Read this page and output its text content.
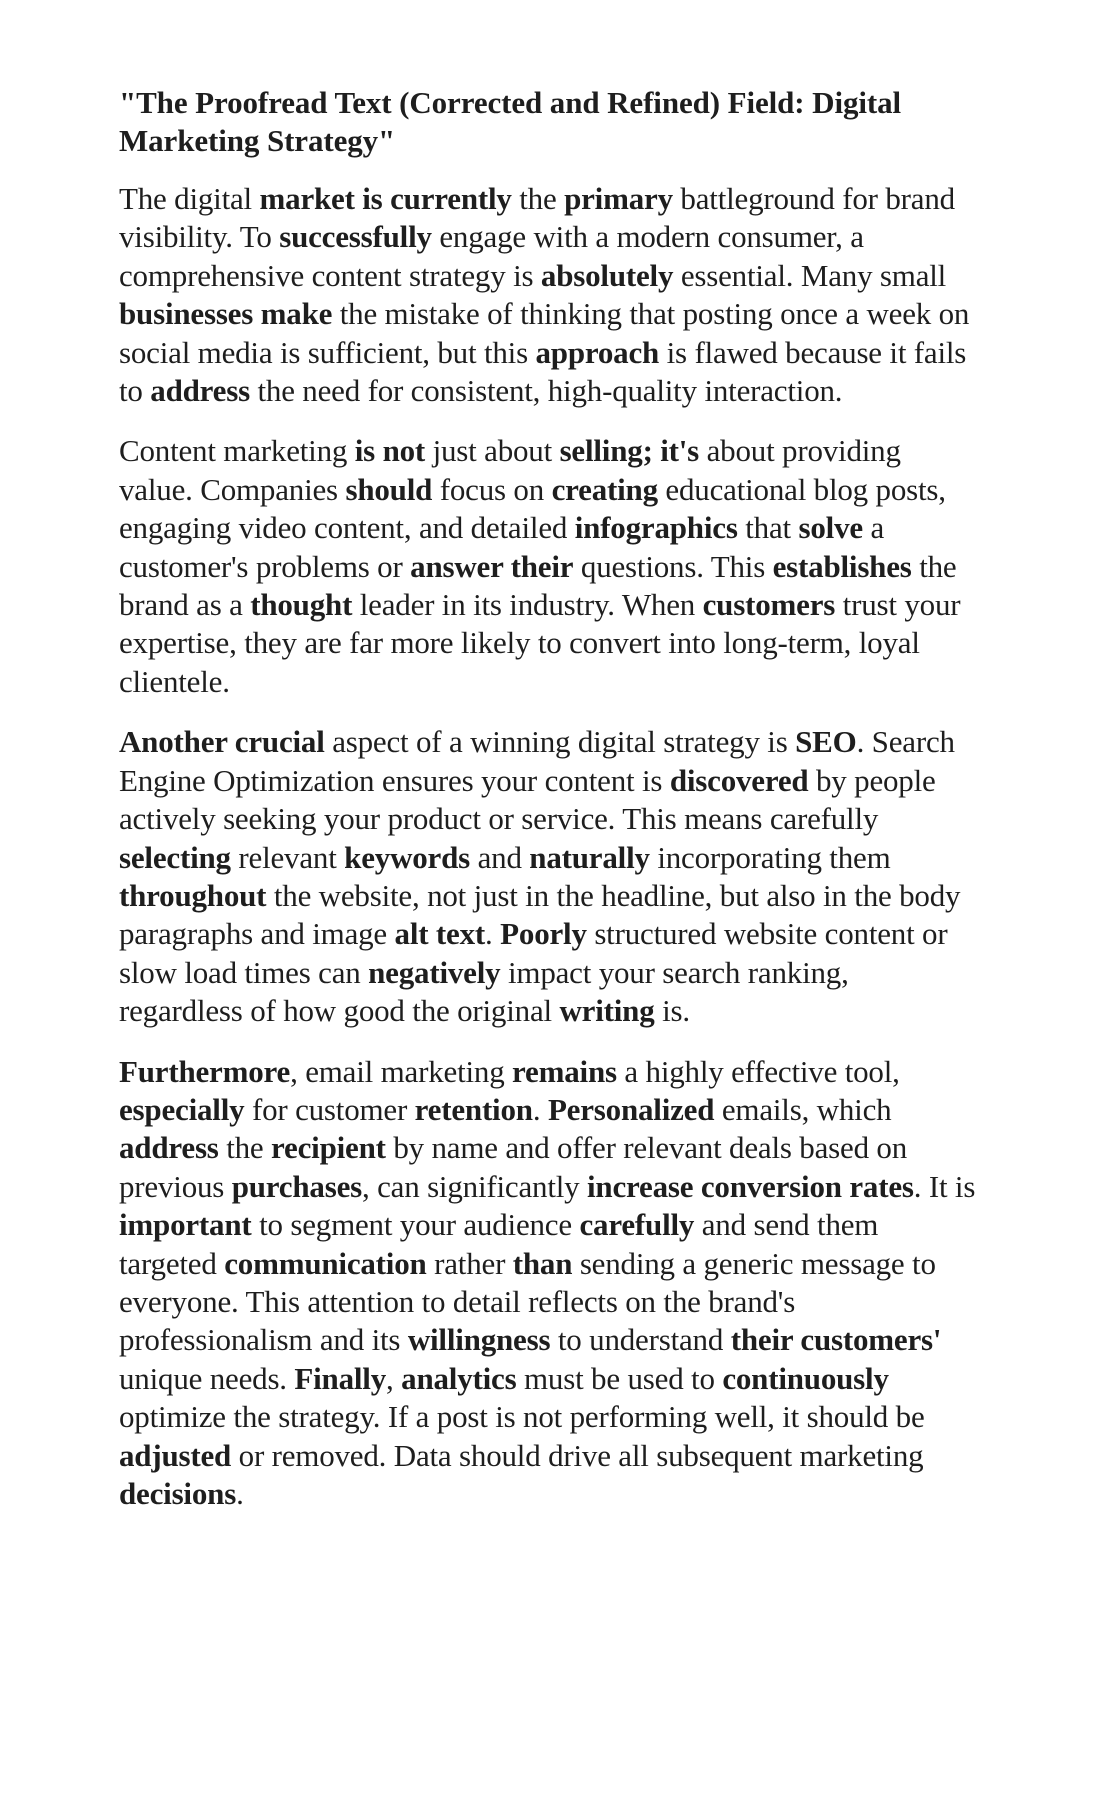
"The Proofread Text (Corrected and Refined) Field: Digital Marketing Strategy"

The digital market is currently the primary battleground for brand visibility. To successfully engage with a modern consumer, a comprehensive content strategy is absolutely essential. Many small businesses make the mistake of thinking that posting once a week on social media is sufficient, but this approach is flawed because it fails to address the need for consistent, high-quality interaction.

Content marketing is not just about selling; it's about providing value. Companies should focus on creating educational blog posts, engaging video content, and detailed infographics that solve a customer's problems or answer their questions. This establishes the brand as a thought leader in its industry. When customers trust your expertise, they are far more likely to convert into long-term, loyal clientele.

Another crucial aspect of a winning digital strategy is SEO. Search Engine Optimization ensures your content is discovered by people actively seeking your product or service. This means carefully selecting relevant keywords and naturally incorporating them throughout the website, not just in the headline, but also in the body paragraphs and image alt text. Poorly structured website content or slow load times can negatively impact your search ranking, regardless of how good the original writing is.

Furthermore, email marketing remains a highly effective tool, especially for customer retention. Personalized emails, which address the recipient by name and offer relevant deals based on previous purchases, can significantly increase conversion rates. It is important to segment your audience carefully and send them targeted communication rather than sending a generic message to everyone. This attention to detail reflects on the brand's professionalism and its willingness to understand their customers' unique needs. Finally, analytics must be used to continuously optimize the strategy. If a post is not performing well, it should be adjusted or removed. Data should drive all subsequent marketing decisions.
